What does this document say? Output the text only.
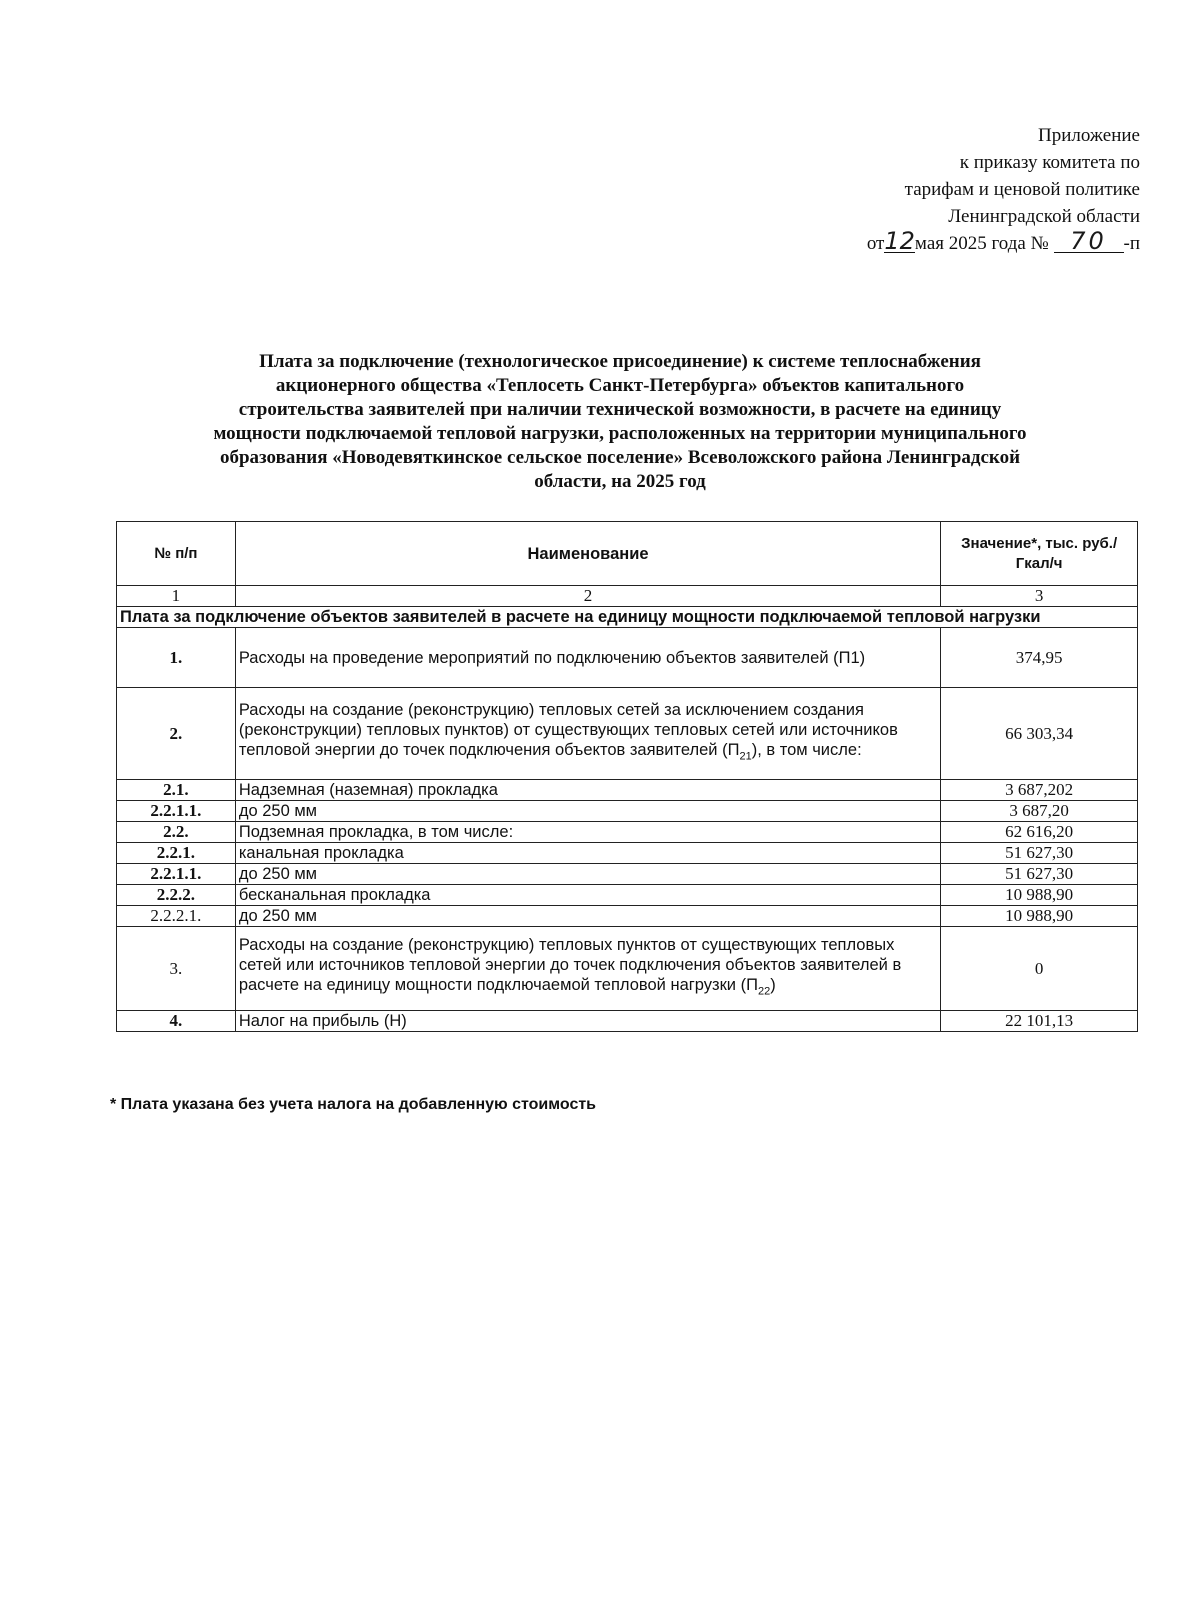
Приложение
к приказу комитета по
тарифам и ценовой политике
Ленинградской области
от12мая 2025 года № 70 -п
Плата за подключение (технологическое присоединение) к системе теплоснабжения
акционерного общества «Теплосеть Санкт-Петербурга» объектов капитального
строительства заявителей при наличии технической возможности, в расчете на единицу
мощности подключаемой тепловой нагрузки, расположенных на территории муниципального
образования «Новодевяткинское сельское поселение» Всеволожского района Ленинградской
области, на 2025 год
№ п/п	Наименование	Значение*, тыс. руб./Гкал/ч
1	2	3
Плата за подключение объектов заявителей в расчете на единицу мощности подключаемой тепловой нагрузки		
1.	Расходы на проведение мероприятий по подключению объектов заявителей (П1)	374,95
2.	Расходы на создание (реконструкцию) тепловых сетей за исключением создания (реконструкции) тепловых пунктов) от существующих тепловых сетей или источников тепловой энергии до точек подключения объектов заявителей $(П_{21})$, в том числе:	66 303,34
2.1.	Надземная (наземная) прокладка	3 687,202
2.2.1.1.	до 250 мм	3 687,20
2.2.	Подземная прокладка, в том числе:	62 616,20
2.2.1.	канальная прокладка	51 627,30
2.2.1.1.	до 250 мм	51 627,30
2.2.2.	бесканальная прокладка	10 988,90
2.2.2.1.	до 250 мм	10 988,90
3.	Расходы на создание (реконструкцию) тепловых пунктов от существующих тепловых сетей или источников тепловой энергии до точек подключения объектов заявителей в расчете на единицу мощности подключаемой тепловой нагрузки $(П_{22})$	0
4.	Налог на прибыль (Н)	22 101,13
* Плата указана без учета налога на добавленную стоимость
